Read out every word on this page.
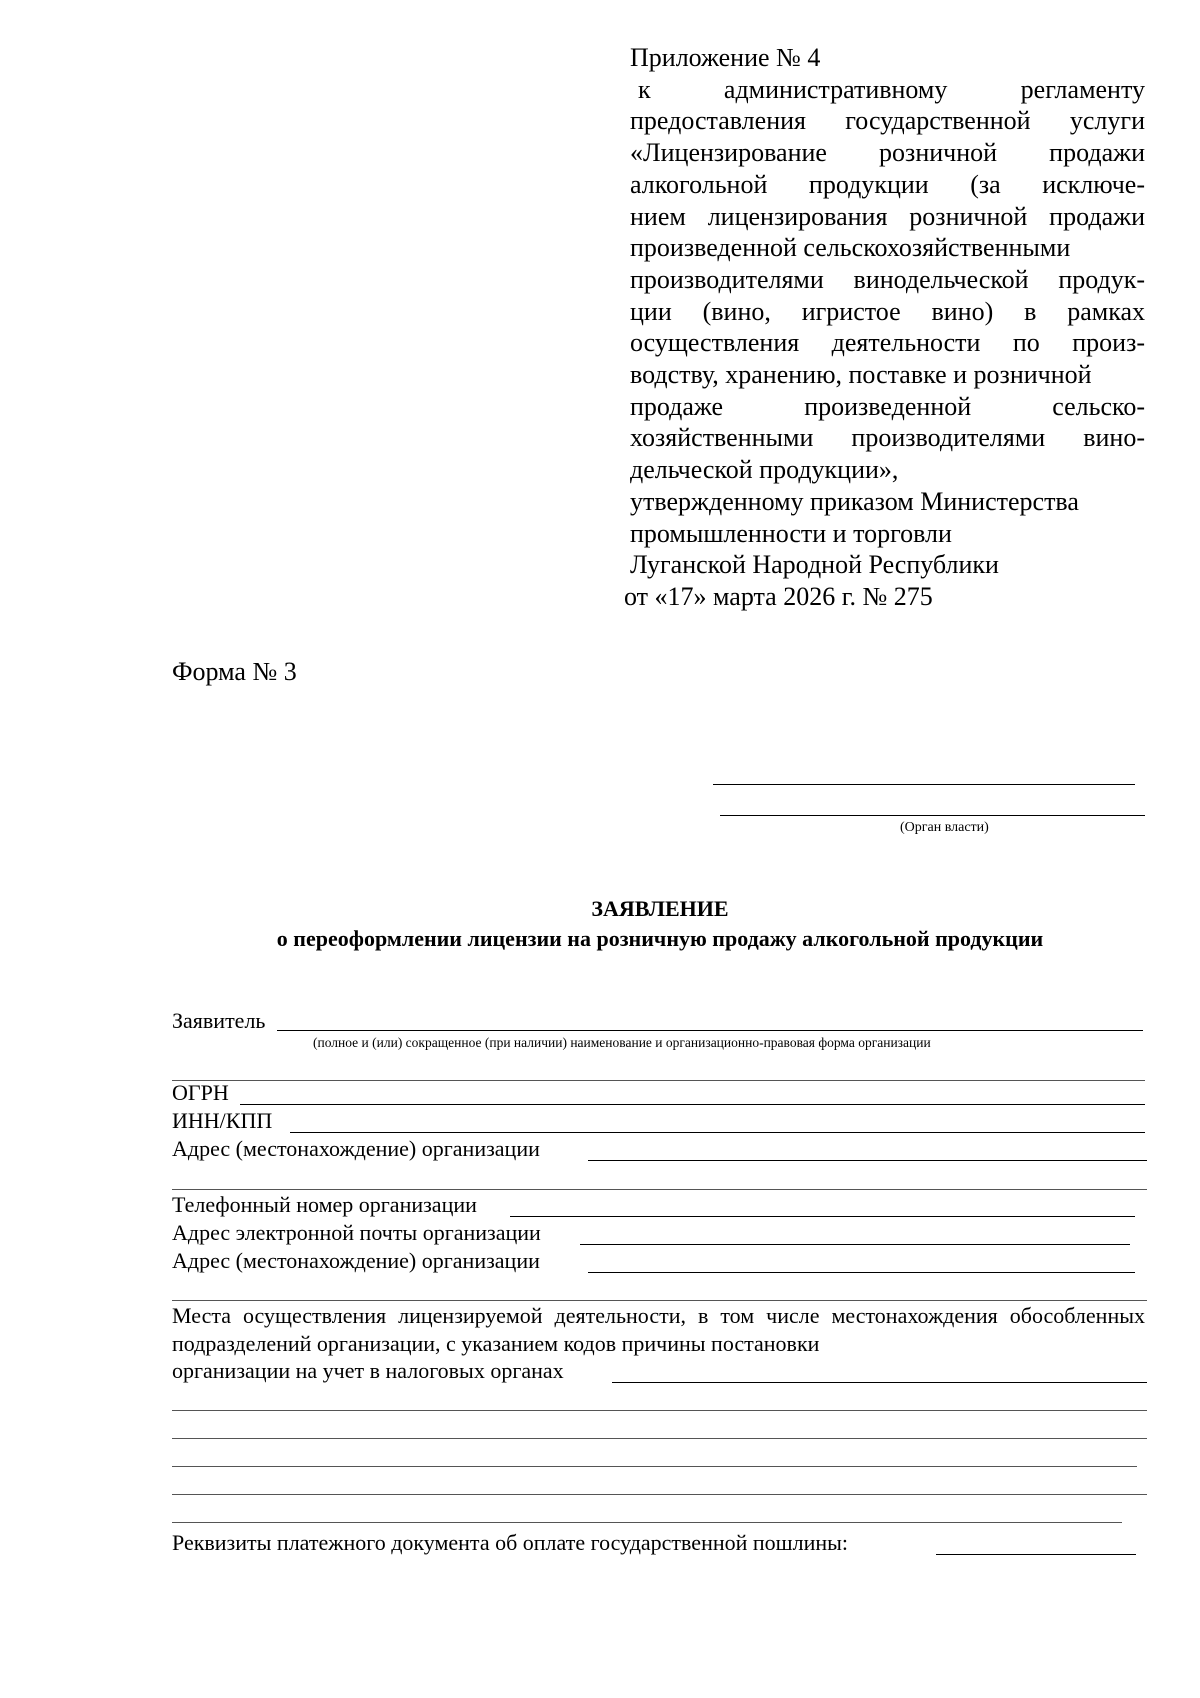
Приложение № 4
к административному регламенту
предоставления государственной услуги
«Лицензирование розничной продажи
алкогольной продукции (за исключе-
нием лицензирования розничной продажи
произведенной сельскохозяйственными
производителями винодельческой продук-
ции (вино, игристое вино) в рамках
осуществления деятельности по произ-
водству, хранению, поставке и розничной
продаже произведенной сельско-
хозяйственными производителями вино-
дельческой продукции»,
утвержденному приказом Министерства
промышленности и торговли
Луганской Народной Республики
от «17» марта 2026 г. № 275
Форма № 3
(Орган власти)
ЗАЯВЛЕНИЕ
о переоформлении лицензии на розничную продажу алкогольной продукции
Заявитель
(полное и (или) сокращенное (при наличии) наименование и организационно-правовая форма организации
ОГРН
ИНН/КПП
Адрес (местонахождение) организации
Телефонный номер организации
Адрес электронной почты организации
Адрес (местонахождение) организации
Места осуществления лицензируемой деятельности, в том числе местонахождения обособленных подразделений организации, с указанием кодов причины постановки
организации на учет в налоговых органах
Реквизиты платежного документа об оплате государственной пошлины:
